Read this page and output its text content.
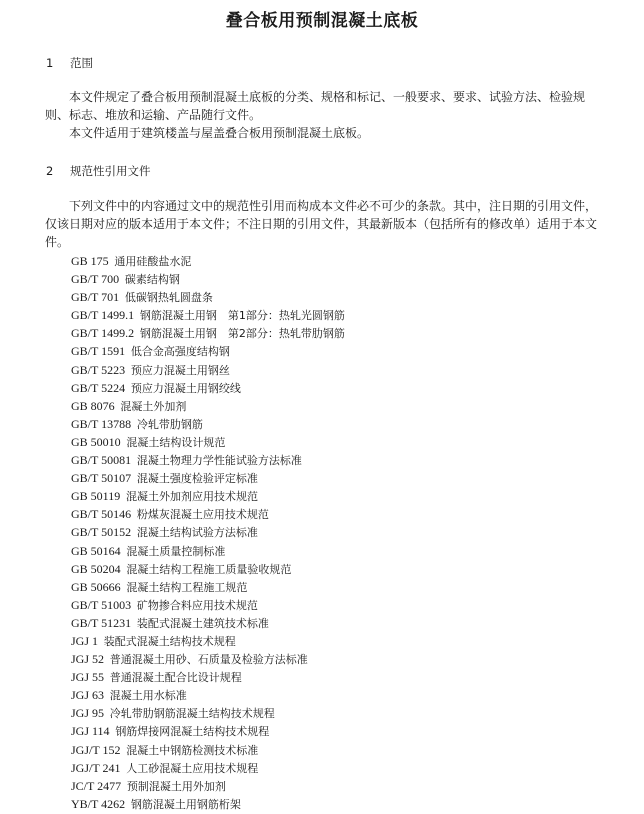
叠合板用预制混凝土底板
1 范围

本文件规定了叠合板用预制混凝土底板的分类、规格和标记、一般要求、要求、试验方法、检验规则、标志、堆放和运输、产品随行文件。

本文件适用于建筑楼盖与屋盖叠合板用预制混凝土底板。

2 规范性引用文件

下列文件中的内容通过文中的规范性引用而构成本文件必不可少的条款。其中，注日期的引用文件，仅该日期对应的版本适用于本文件；不注日期的引用文件，其最新版本（包括所有的修改单）适用于本文件。

GB 175  通用硅酸盐水泥
GB/T 700  碳素结构钢
GB/T 701  低碳钢热轧圆盘条
GB/T 1499.1  钢筋混凝土用钢　第1部分：热轧光圆钢筋
GB/T 1499.2  钢筋混凝土用钢　第2部分：热轧带肋钢筋
GB/T 1591  低合金高强度结构钢
GB/T 5223  预应力混凝土用钢丝
GB/T 5224  预应力混凝土用钢绞线
GB 8076  混凝土外加剂
GB/T 13788  冷轧带肋钢筋
GB 50010  混凝土结构设计规范
GB/T 50081  混凝土物理力学性能试验方法标准
GB/T 50107  混凝土强度检验评定标准
GB 50119  混凝土外加剂应用技术规范
GB/T 50146  粉煤灰混凝土应用技术规范
GB/T 50152  混凝土结构试验方法标准
GB 50164  混凝土质量控制标准
GB 50204  混凝土结构工程施工质量验收规范
GB 50666  混凝土结构工程施工规范
GB/T 51003  矿物掺合料应用技术规范
GB/T 51231  装配式混凝土建筑技术标准
JGJ 1  装配式混凝土结构技术规程
JGJ 52  普通混凝土用砂、石质量及检验方法标准
JGJ 55  普通混凝土配合比设计规程
JGJ 63  混凝土用水标准
JGJ 95  冷轧带肋钢筋混凝土结构技术规程
JGJ 114  钢筋焊接网混凝土结构技术规程
JGJ/T 152  混凝土中钢筋检测技术标准
JGJ/T 241  人工砂混凝土应用技术规程
JC/T 2477  预制混凝土用外加剂
YB/T 4262  钢筋混凝土用钢筋桁架
